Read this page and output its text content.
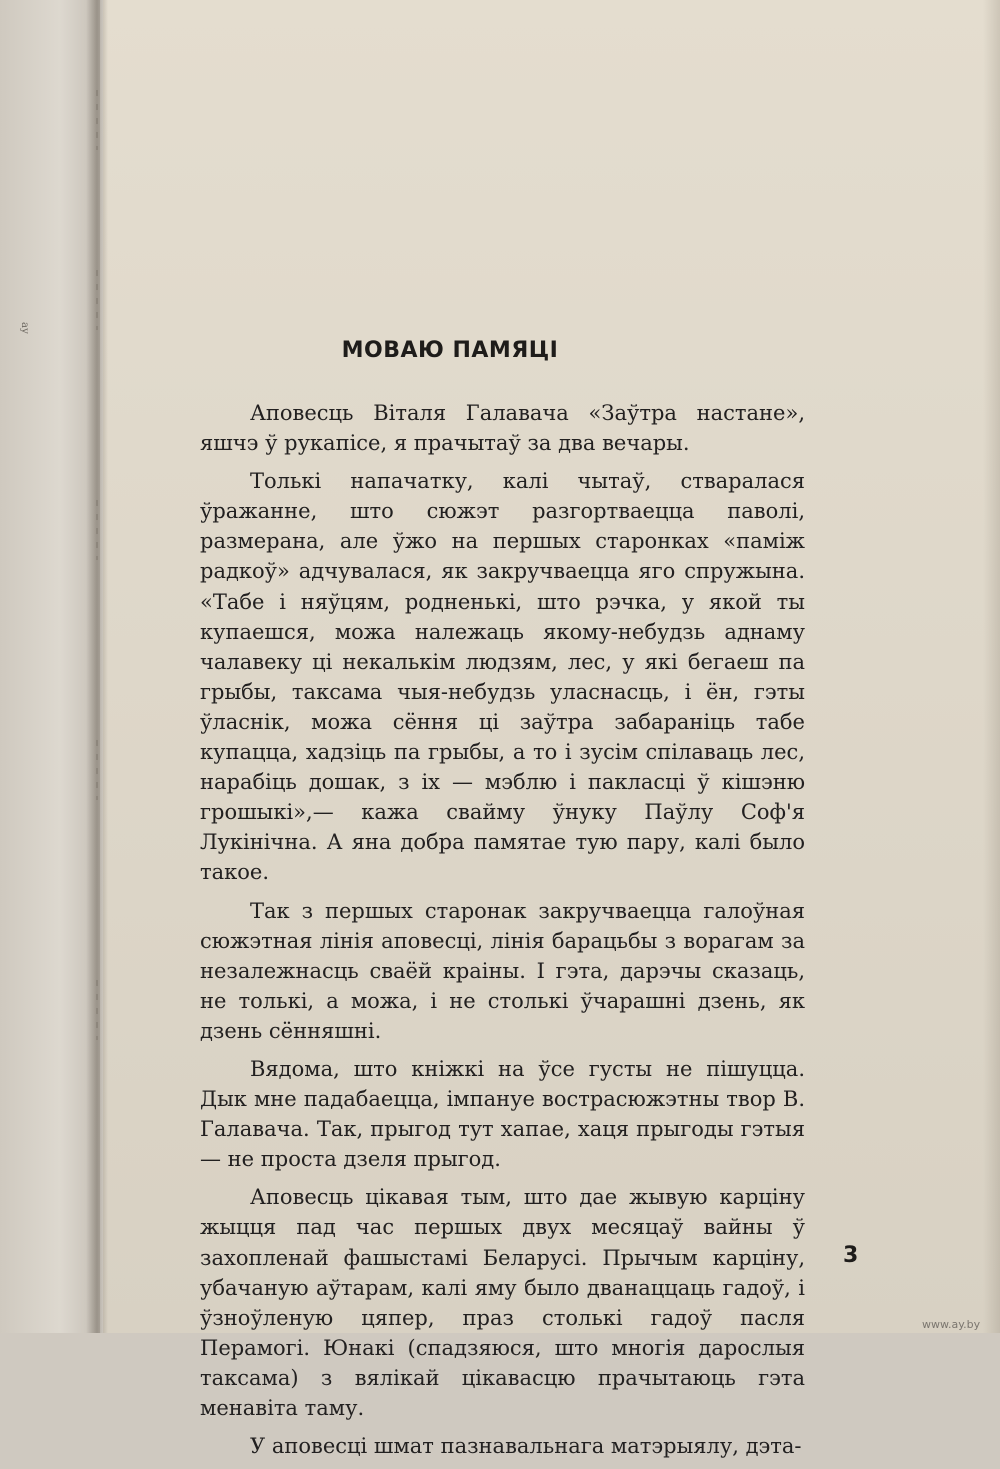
ау
МОВАЮ ПАМЯЦІ

Аповесць Віталя Галавача «Заўтра настане», яшчэ ў рукапісе, я прачытаў за два вечары.

Толькі напачатку, калі чытаў, стваралася ўражанне, што сюжэт разгортваецца паволі, размерана, але ўжо на першых старонках «паміж радкоў» адчувалася, як закручваецца яго спружына. «Табе і няўцям, родненькі, што рэчка, у якой ты купаешся, можа належаць якому-небудзь аднаму чалавеку ці некалькім людзям, лес, у які бегаеш па грыбы, таксама чыя-небудзь уласнасць, і ён, гэты ўласнік, можа сёння ці заўтра забараніць табе купацца, хадзіць па грыбы, а то і зусім спілаваць лес, нарабіць дошак, з іх — мэблю і пакласці ў кішэню грошыкі»,— кажа свайму ўнуку Паўлу Соф'я Лукінічна. А яна добра памятае тую пару, калі было такое.

Так з першых старонак закручваецца галоўная сюжэтная лінія аповесці, лінія барацьбы з ворагам за незалежнасць сваёй краіны. І гэта, дарэчы сказаць, не толькі, а можа, і не столькі ўчарашні дзень, як дзень сённяшні.

Вядома, што кніжкі на ўсе густы не пішуцца. Дык мне падабаецца, імпануе вострасюжэтны твор В. Галавача. Так, прыгод тут хапае, хаця прыгоды гэтыя — не проста дзеля прыгод.

Аповесць цікавая тым, што дае жывую карціну жыцця пад час першых двух месяцаў вайны ў захопленай фашыстамі Беларусі. Прычым карціну, убачаную аўтарам, калі яму было дванаццаць гадоў, і ўзноўленую цяпер, праз столькі гадоў пасля Перамогі. Юнакі (спадзяюся, што многія дарослыя таксама) з вялікай цікавасцю прачытаюць гэта менавіта таму.

У аповесці шмат пазнавальнага матэрыялу, дэта-

3
www.ay.by
